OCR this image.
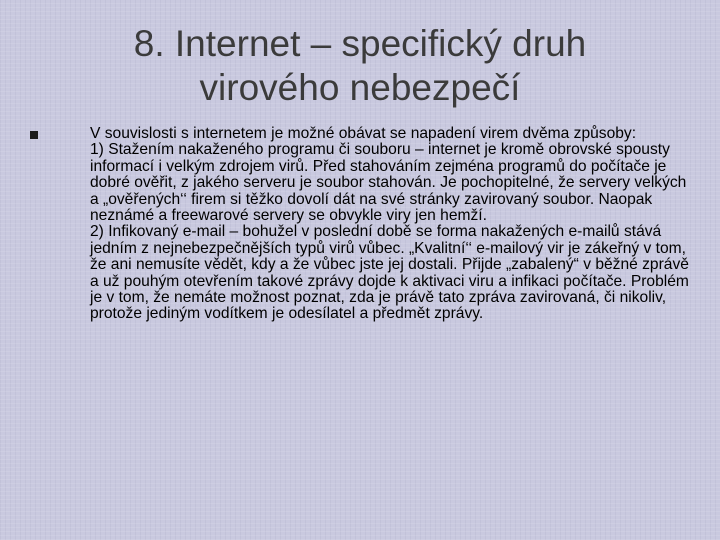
8. Internet – specifický druh
virového nebezpečí

V souvislosti s internetem je možné obávat se napadení virem dvěma způsoby:

1) Stažením nakaženého programu či souboru – internet je kromě obrovské spousty informací i velkým zdrojem virů. Před stahováním zejména programů do počítače je dobré ověřit, z jakého serveru je soubor stahován. Je pochopitelné, že servery velkých a „ověřených‘‘ firem si těžko dovolí dát na své stránky zavirovaný soubor. Naopak neznámé a freewarové servery se obvykle viry jen hemží.

2) Infikovaný e-mail – bohužel v poslední době se forma nakažených e-mailů stává jedním z nejnebezpečnějších typů virů vůbec. „Kvalitní‘‘ e-mailový vir je zákeřný v tom, že ani nemusíte vědět, kdy a že vůbec jste jej dostali. Přijde „zabalený“ v běžné zprávě a už pouhým otevřením takové zprávy dojde k aktivaci viru a infikaci počítače. Problém je v tom, že nemáte možnost poznat, zda je právě tato zpráva zavirovaná, či nikoliv, protože jediným vodítkem je odesílatel a předmět zprávy.
